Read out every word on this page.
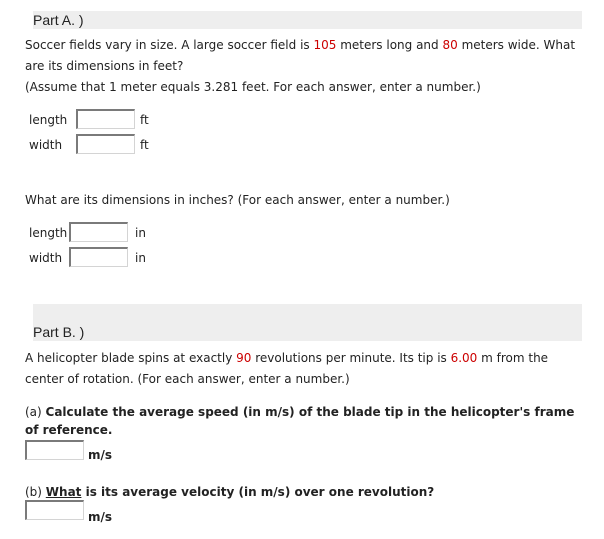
Part A. )
Soccer fields vary in size. A large soccer field is 105 meters long and 80 meters wide. What are its dimensions in feet?
(Assume that 1 meter equals 3.281 feet. For each answer, enter a number.)
length	ft
width	ft
What are its dimensions in inches? (For each answer, enter a number.)
length	in
width	in
Part B. )
A helicopter blade spins at exactly 90 revolutions per minute. Its tip is 6.00 m from the center of rotation. (For each answer, enter a number.)
(a) Calculate the average speed (in m/s) of the blade tip in the helicopter's frame of reference.
m/s
(b) What is its average velocity (in m/s) over one revolution?
m/s
